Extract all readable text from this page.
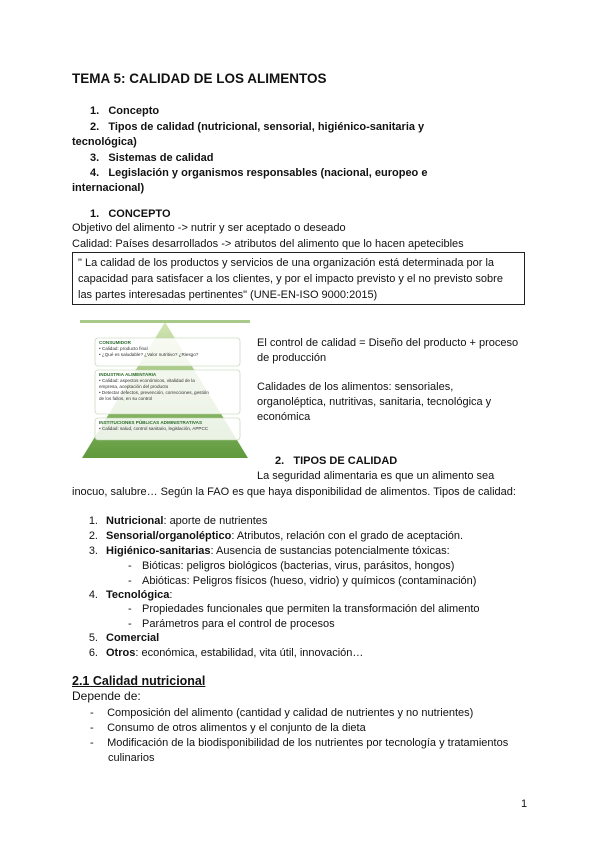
TEMA 5: CALIDAD DE LOS ALIMENTOS
1. Concepto
2. Tipos de calidad (nutricional, sensorial, higiénico-sanitaria y
tecnológica)
3. Sistemas de calidad
4. Legislación y organismos responsables (nacional, europeo e
internacional)
1. CONCEPTO
Objetivo del alimento -> nutrir y ser aceptado o deseado
Calidad: Países desarrollados -> atributos del alimento que lo hacen apetecibles
" La calidad de los productos y servicios de una organización está determinada por la
capacidad para satisfacer a los clientes, y por el impacto previsto y el no previsto sobre
las partes interesadas pertinentes" (UNE-EN-ISO 9000:2015)
CONSUMIDOR
• Calidad: producto final
• ¿Qué es saludable? ¿Valor nutritivo? ¿Riesgo?
INDUSTRIA ALIMENTARIA
• Calidad: aspectos económicos, vitalidad de la
empresa, aceptación del producto
• Detectar defectos, prevención, correcciones, gestión
de los fallos, en su control
INSTITUCIONES PÚBLICAS ADMINISTRATIVAS
• Calidad: salud, control sanitario, legislación, APPCC
El control de calidad = Diseño del producto + proceso
de producción
Calidades de los alimentos: sensoriales,
organoléptica, nutritivas, sanitaria, tecnológica y
económica
2. TIPOS DE CALIDAD
La seguridad alimentaria es que un alimento sea
inocuo, salubre… Según la FAO es que haya disponibilidad de alimentos. Tipos de calidad:
1. Nutricional: aporte de nutrientes
2. Sensorial/organoléptico: Atributos, relación con el grado de aceptación.
3. Higiénico-sanitarias: Ausencia de sustancias potencialmente tóxicas:
- Bióticas: peligros biológicos (bacterias, virus, parásitos, hongos)
- Abióticas: Peligros físicos (hueso, vidrio) y químicos (contaminación)
4. Tecnológica:
- Propiedades funcionales que permiten la transformación del alimento
- Parámetros para el control de procesos
5. Comercial
6. Otros: económica, estabilidad, vita útil, innovación…
2.1 Calidad nutricional
Depende de:
- Composición del alimento (cantidad y calidad de nutrientes y no nutrientes)
- Consumo de otros alimentos y el conjunto de la dieta
- Modificación de la biodisponibilidad de los nutrientes por tecnología y tratamientos
culinarios
1
